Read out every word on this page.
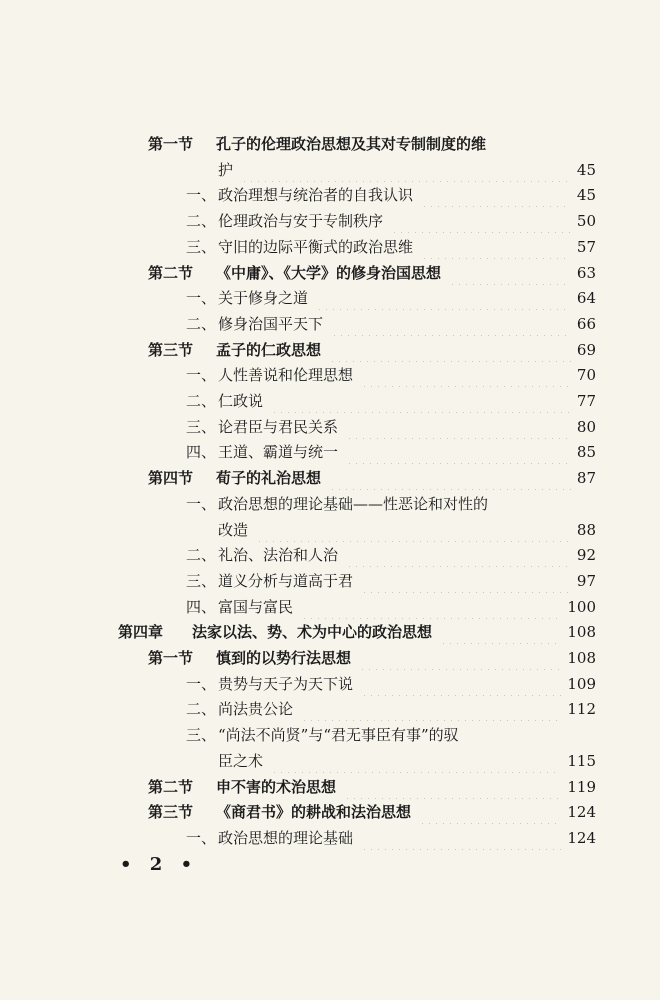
第一节 孔子的伦理政治思想及其对专制制度的维
护	45
一、 政治理想与统治者的自我认识	45
二、 伦理政治与安于专制秩序	50
三、 守旧的边际平衡式的政治思维	57
第二节 《中庸》、《大学》的修身治国思想	63
一、 关于修身之道	64
二、 修身治国平天下	66
第三节 孟子的仁政思想	69
一、 人性善说和伦理思想	70
二、 仁政说	77
三、 论君臣与君民关系	80
四、 王道、霸道与统一	85
第四节 荀子的礼治思想	87
一、 政治思想的理论基础——性恶论和对性的
改造	88
二、 礼治、法治和人治	92
三、 道义分析与道高于君	97
四、 富国与富民	100
第四章 法家以法、势、术为中心的政治思想	108
第一节 慎到的以势行法思想	108
一、 贵势与天子为天下说	109
二、 尚法贵公论	112
三、 “尚法不尚贤”与“君无事臣有事”的驭
臣之术	115
第二节 申不害的术治思想	119
第三节 《商君书》的耕战和法治思想	124
一、 政治思想的理论基础	124
• 2 •
